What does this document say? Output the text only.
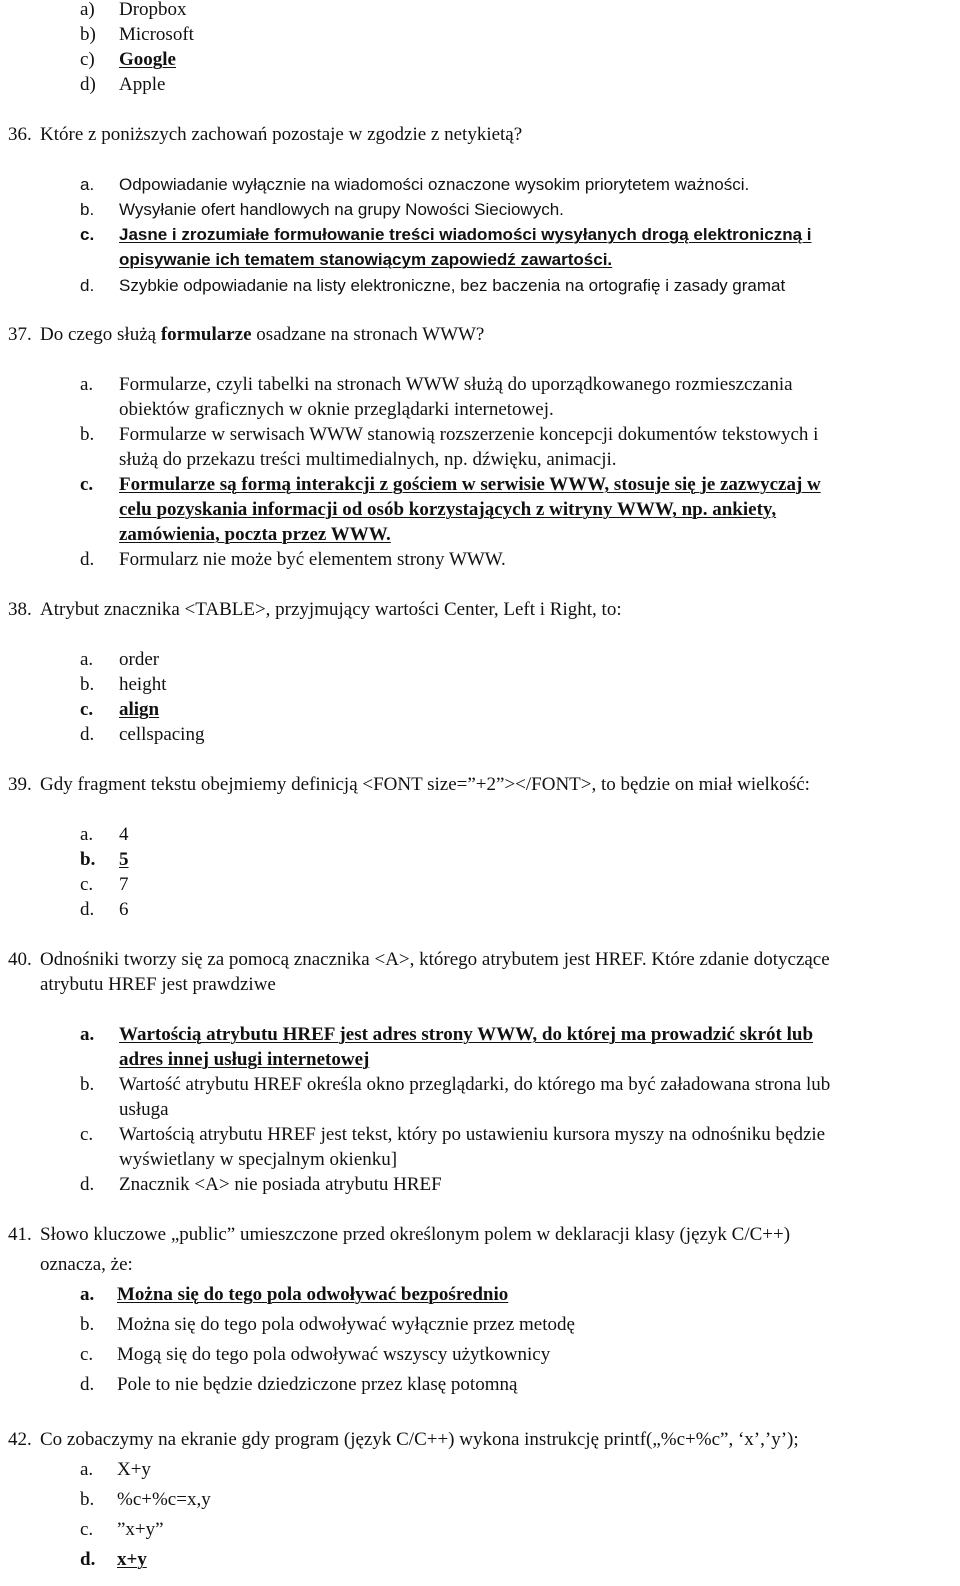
a) Dropbox
b) Microsoft
c) Google
d) Apple
36. Które z poniższych zachowań pozostaje w zgodzie z netykietą?
a. Odpowiadanie wyłącznie na wiadomości oznaczone wysokim priorytetem ważności.
b. Wysyłanie ofert handlowych na grupy Nowości Sieciowych.
c. Jasne i zrozumiałe formułowanie treści wiadomości wysyłanych drogą elektroniczną i
opisywanie ich tematem stanowiącym zapowiedź zawartości.
d. Szybkie odpowiadanie na listy elektroniczne, bez baczenia na ortografię i zasady gramat
37. Do czego służą formularze osadzane na stronach WWW?
a. Formularze, czyli tabelki na stronach WWW służą do uporządkowanego rozmieszczania
obiektów graficznych w oknie przeglądarki internetowej.
b. Formularze w serwisach WWW stanowią rozszerzenie koncepcji dokumentów tekstowych i
służą do przekazu treści multimedialnych, np. dźwięku, animacji.
c. Formularze są formą interakcji z gościem w serwisie WWW, stosuje się je zazwyczaj w
celu pozyskania informacji od osób korzystających z witryny WWW, np. ankiety,
zamówienia, poczta przez WWW.
d. Formularz nie może być elementem strony WWW.
38. Atrybut znacznika <TABLE>, przyjmujący wartości Center, Left i Right, to:
a. order
b. height
c. align
d. cellspacing
39. Gdy fragment tekstu obejmiemy definicją <FONT size=”+2”></FONT>, to będzie on miał wielkość:
a. 4
b. 5
c. 7
d. 6
40. Odnośniki tworzy się za pomocą znacznika <A>, którego atrybutem jest HREF. Które zdanie dotyczące
atrybutu HREF jest prawdziwe
a. Wartością atrybutu HREF jest adres strony WWW, do której ma prowadzić skrót lub
adres innej usługi internetowej
b. Wartość atrybutu HREF określa okno przeglądarki, do którego ma być załadowana strona lub
usługa
c. Wartością atrybutu HREF jest tekst, który po ustawieniu kursora myszy na odnośniku będzie
wyświetlany w specjalnym okienku]
d. Znacznik <A> nie posiada atrybutu HREF
41. Słowo kluczowe „public” umieszczone przed określonym polem w deklaracji klasy (język C/C++)
oznacza, że:
a. Można się do tego pola odwoływać bezpośrednio
b. Można się do tego pola odwoływać wyłącznie przez metodę
c. Mogą się do tego pola odwoływać wszyscy użytkownicy
d. Pole to nie będzie dziedziczone przez klasę potomną
42. Co zobaczymy na ekranie gdy program (język C/C++) wykona instrukcję printf(„%c+%c”, ‘x’,’y’);
a. X+y
b. %c+%c=x,y
c. ”x+y”
d. x+y
